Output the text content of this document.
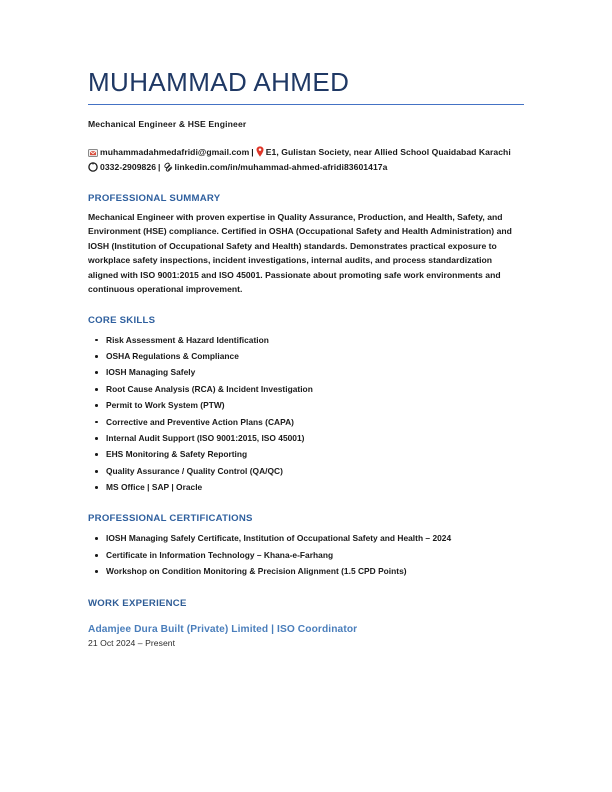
MUHAMMAD AHMED
Mechanical Engineer & HSE Engineer
muhammadahmedafridi@gmail.com | E1, Gulistan Society, near Allied School Quaidabad Karachi
0332-2909826 | linkedin.com/in/muhammad-ahmed-afridi83601417a
PROFESSIONAL SUMMARY
Mechanical Engineer with proven expertise in Quality Assurance, Production, and Health, Safety, and Environment (HSE) compliance. Certified in OSHA (Occupational Safety and Health Administration) and IOSH (Institution of Occupational Safety and Health) standards. Demonstrates practical exposure to workplace safety inspections, incident investigations, internal audits, and process standardization aligned with ISO 9001:2015 and ISO 45001. Passionate about promoting safe work environments and continuous operational improvement.
CORE SKILLS
Risk Assessment & Hazard Identification
OSHA Regulations & Compliance
IOSH Managing Safely
Root Cause Analysis (RCA) & Incident Investigation
Permit to Work System (PTW)
Corrective and Preventive Action Plans (CAPA)
Internal Audit Support (ISO 9001:2015, ISO 45001)
EHS Monitoring & Safety Reporting
Quality Assurance / Quality Control (QA/QC)
MS Office | SAP | Oracle
PROFESSIONAL CERTIFICATIONS
IOSH Managing Safely Certificate, Institution of Occupational Safety and Health – 2024
Certificate in Information Technology – Khana-e-Farhang
Workshop on Condition Monitoring & Precision Alignment (1.5 CPD Points)
WORK EXPERIENCE
Adamjee Dura Built (Private) Limited | ISO Coordinator
21 Oct 2024 – Present
